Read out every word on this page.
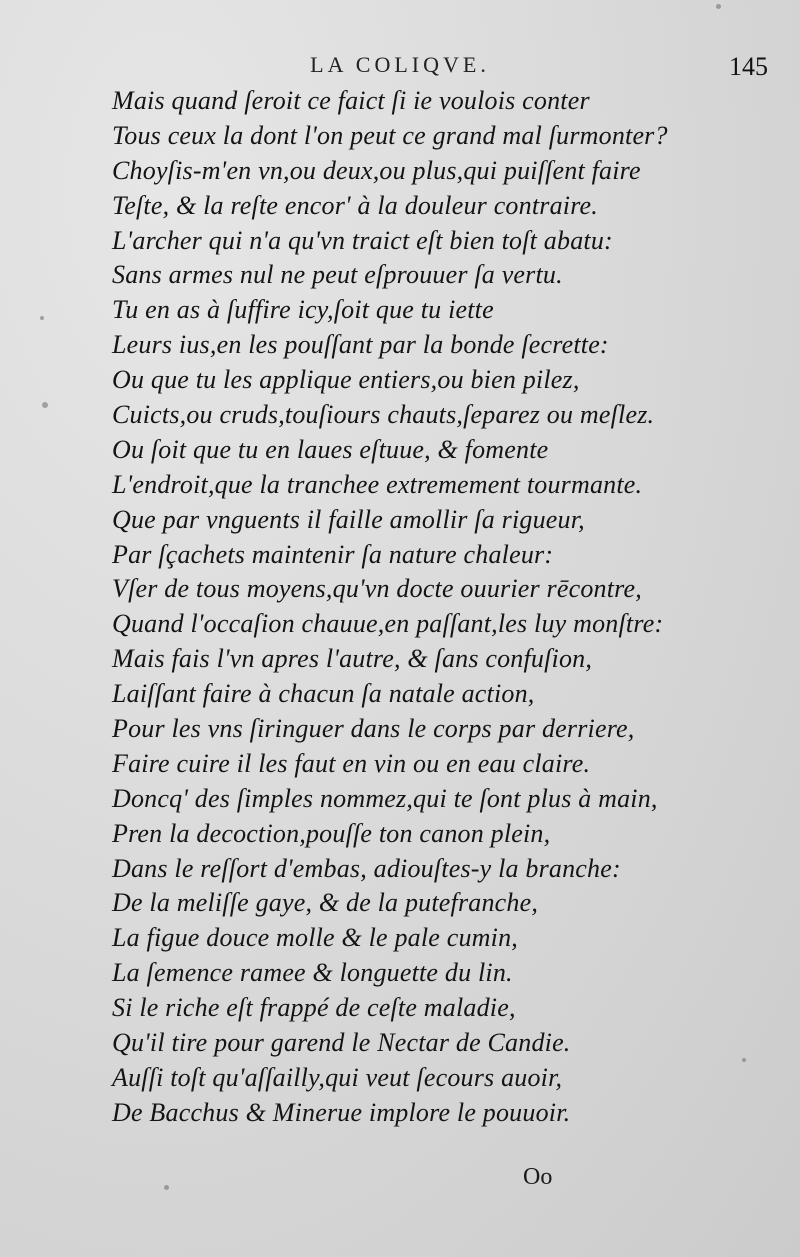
LA COLIQVE.	145
Mais quand ſeroit ce faict ſi ie voulois conter
Tous ceux la dont l'on peut ce grand mal ſurmonter?
Choyſis-m'en vn,ou deux,ou plus,qui puiſſent faire
Teſte, & la reſte encor' à la douleur contraire.
L'archer qui n'a qu'vn traict eſt bien toſt abatu:
Sans armes nul ne peut eſprouuer ſa vertu.
Tu en as à ſuffire icy,ſoit que tu iette
Leurs ius,en les pouſſant par la bonde ſecrette:
Ou que tu les applique entiers,ou bien pilez,
Cuicts,ou cruds,touſiours chauts,ſeparez ou meſlez.
Ou ſoit que tu en laues eſtuue, & fomente
L'endroit,que la tranchee extremement tourmante.
Que par vnguents il faille amollir ſa rigueur,
Par ſçachets maintenir ſa nature chaleur:
Vſer de tous moyens,qu'vn docte ouurier rēcontre,
Quand l'occaſion chauue,en paſſant,les luy monſtre:
Mais fais l'vn apres l'autre, & ſans confuſion,
Laiſſant faire à chacun ſa natale action,
Pour les vns ſiringuer dans le corps par derriere,
Faire cuire il les faut en vin ou en eau claire.
Doncq' des ſimples nommez,qui te ſont plus à main,
Pren la decoction,pouſſe ton canon plein,
Dans le reſſort d'embas, adiouſtes-y la branche:
De la meliſſe gaye, & de la putefranche,
La figue douce molle & le pale cumin,
La ſemence ramee & longuette du lin.
Si le riche eſt frappé de ceſte maladie,
Qu'il tire pour garend le Nectar de Candie.
Auſſi toſt qu'aſſailly,qui veut ſecours auoir,
De Bacchus & Minerue implore le pouuoir.
Oo
